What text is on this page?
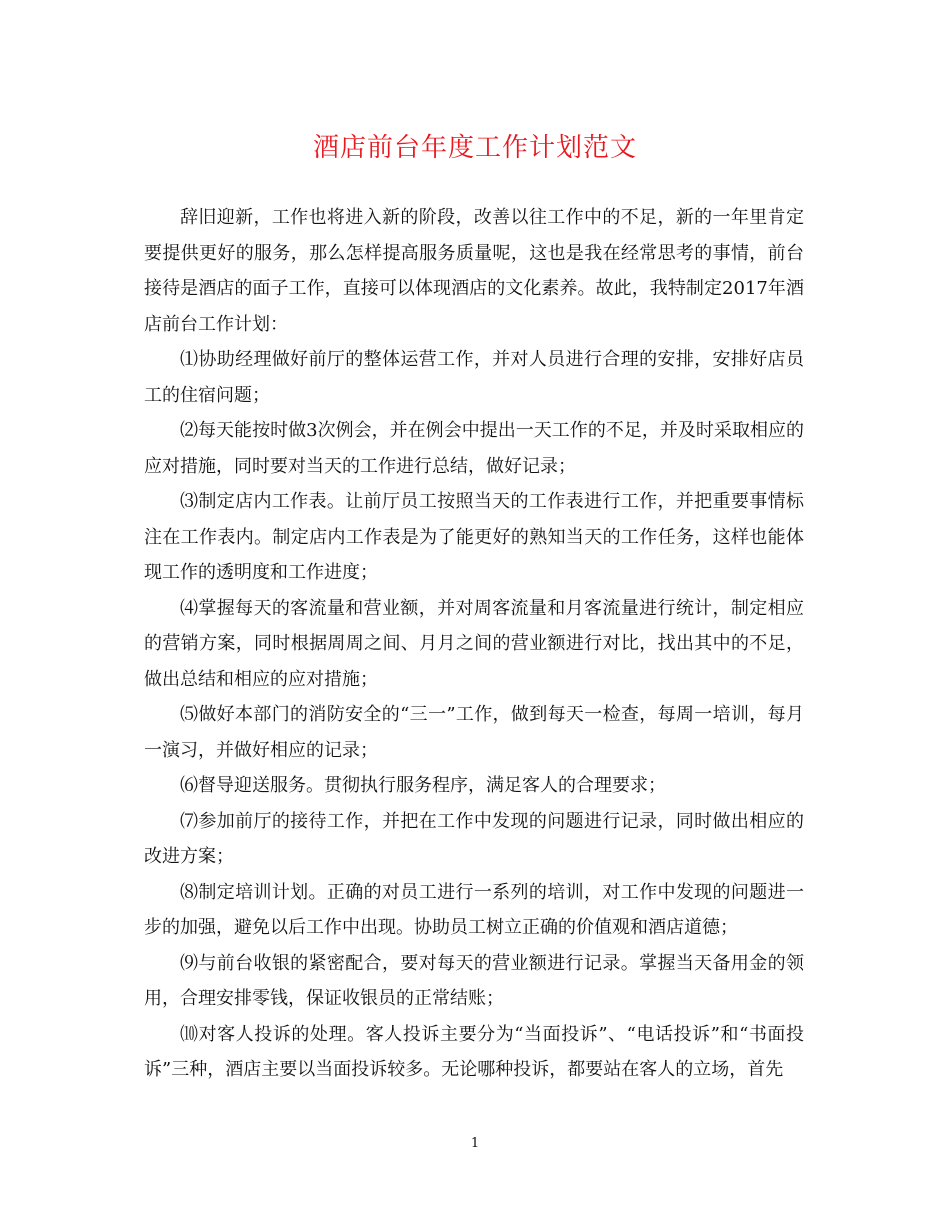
酒店前台年度工作计划范文

辞旧迎新，工作也将进入新的阶段，改善以往工作中的不足，新的一年里肯定要提供更好的服务，那么怎样提高服务质量呢，这也是我在经常思考的事情，前台接待是酒店的面子工作，直接可以体现酒店的文化素养。故此，我特制定2017年酒店前台工作计划：

⑴协助经理做好前厅的整体运营工作，并对人员进行合理的安排，安排好店员工的住宿问题；

⑵每天能按时做3次例会，并在例会中提出一天工作的不足，并及时采取相应的应对措施，同时要对当天的工作进行总结，做好记录；

⑶制定店内工作表。让前厅员工按照当天的工作表进行工作，并把重要事情标注在工作表内。制定店内工作表是为了能更好的熟知当天的工作任务，这样也能体现工作的透明度和工作进度；

⑷掌握每天的客流量和营业额，并对周客流量和月客流量进行统计，制定相应的营销方案，同时根据周周之间、月月之间的营业额进行对比，找出其中的不足，做出总结和相应的应对措施；

⑸做好本部门的消防安全的“三一”工作，做到每天一检查，每周一培训，每月一演习，并做好相应的记录；

⑹督导迎送服务。贯彻执行服务程序，满足客人的合理要求；

⑺参加前厅的接待工作，并把在工作中发现的问题进行记录，同时做出相应的改进方案；

⑻制定培训计划。正确的对员工进行一系列的培训，对工作中发现的问题进一步的加强，避免以后工作中出现。协助员工树立正确的价值观和酒店道德；

⑼与前台收银的紧密配合，要对每天的营业额进行记录。掌握当天备用金的领用，合理安排零钱，保证收银员的正常结账；

⑽对客人投诉的处理。客人投诉主要分为“当面投诉”、“电话投诉”和“书面投诉”三种，酒店主要以当面投诉较多。无论哪种投诉，都要站在客人的立场，首先

1
